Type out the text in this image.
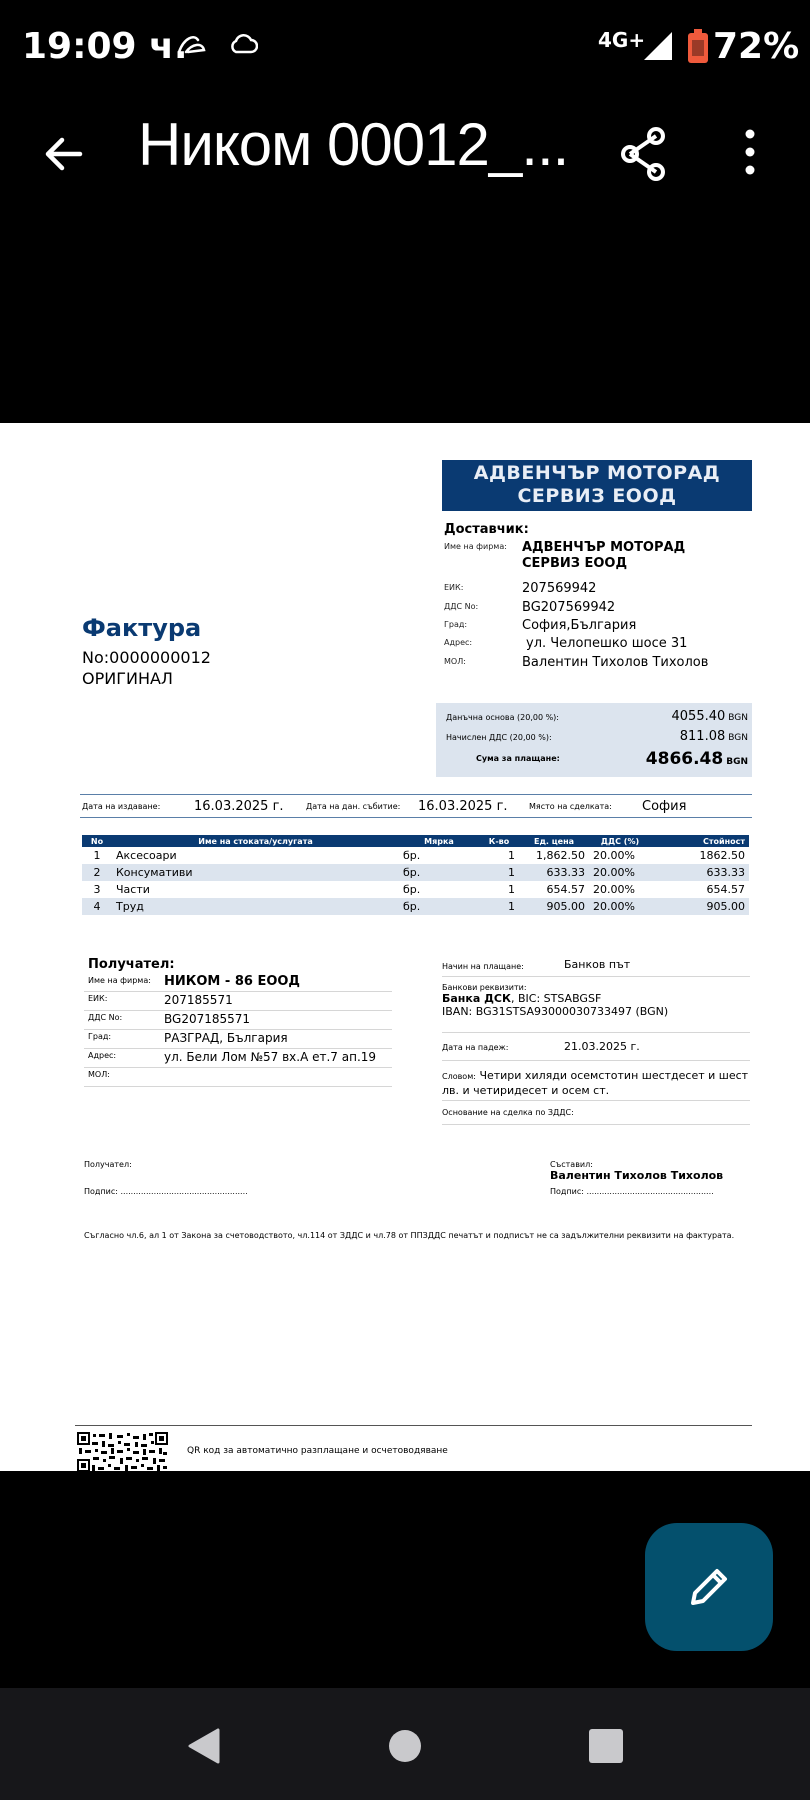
19:09 ч.	4G+ 72%
Ником 00012_...
АДВЕНЧЪР МОТОРАД
СЕРВИЗ ЕООД
Доставчик:
Име на фирма: АДВЕНЧЪР МОТОРАД
СЕРВИЗ ЕООД
ЕИК:	207569942
ДДС No:	BG207569942
Град:	София,България
Адрес:	ул. Челопешко шосе 31
МОЛ:	Валентин Тихолов Тихолов
Фактура
No:0000000012
ОРИГИНАЛ
Данъчна основа (20,00 %):	4055.40 BGN
Начислен ДДС (20,00 %):	811.08 BGN
Сума за плащане:	4866.48 BGN
Дата на издаване:	16.03.2025 г.	Дата на дан. събитие: 16.03.2025 г.	Място на сделката: София
No	Име на стоката/услугата	Мярка	К-во	Ед. цена	ДДС (%)	Стойност
1	Аксесоари	бр.	1	1,862.50	20.00%	1862.50
2	Консумативи	бр.	1	633.33	20.00%	633.33
3	Части	бр.	1	654.57	20.00%	654.57
4	Труд	бр.	1	905.00	20.00%	905.00
Получател:
Име на фирма: НИКОМ - 86 ЕООД
ЕИК:	207185571
ДДС No:	BG207185571
Град:	РАЗГРАД, България
Адрес:	ул. Бели Лом №57 вх.А ет.7 ап.19
МОЛ:
Начин на плащане:	Банков път
Банкови реквизити:
Банка ДСК, BIC: STSABGSF
IBAN: BG31STSA93000030733497 (BGN)
Дата на падеж:	21.03.2025 г.
Словом: Четири хиляди осемстотин шестдесет и шест лв. и четиридесет и осем ст.
Основание на сделка по ЗДДС:
Получател:
Подпис: ..................................................
Съставил:
Валентин Тихолов Тихолов
Подпис: ..................................................
Съгласно чл.6, ал 1 от Закона за счетоводството, чл.114 от ЗДДС и чл.78 от ППЗДДС печатът и подписът не са задължителни реквизити на фактурата.
QR код за автоматично разплащане и осчетоводяване
